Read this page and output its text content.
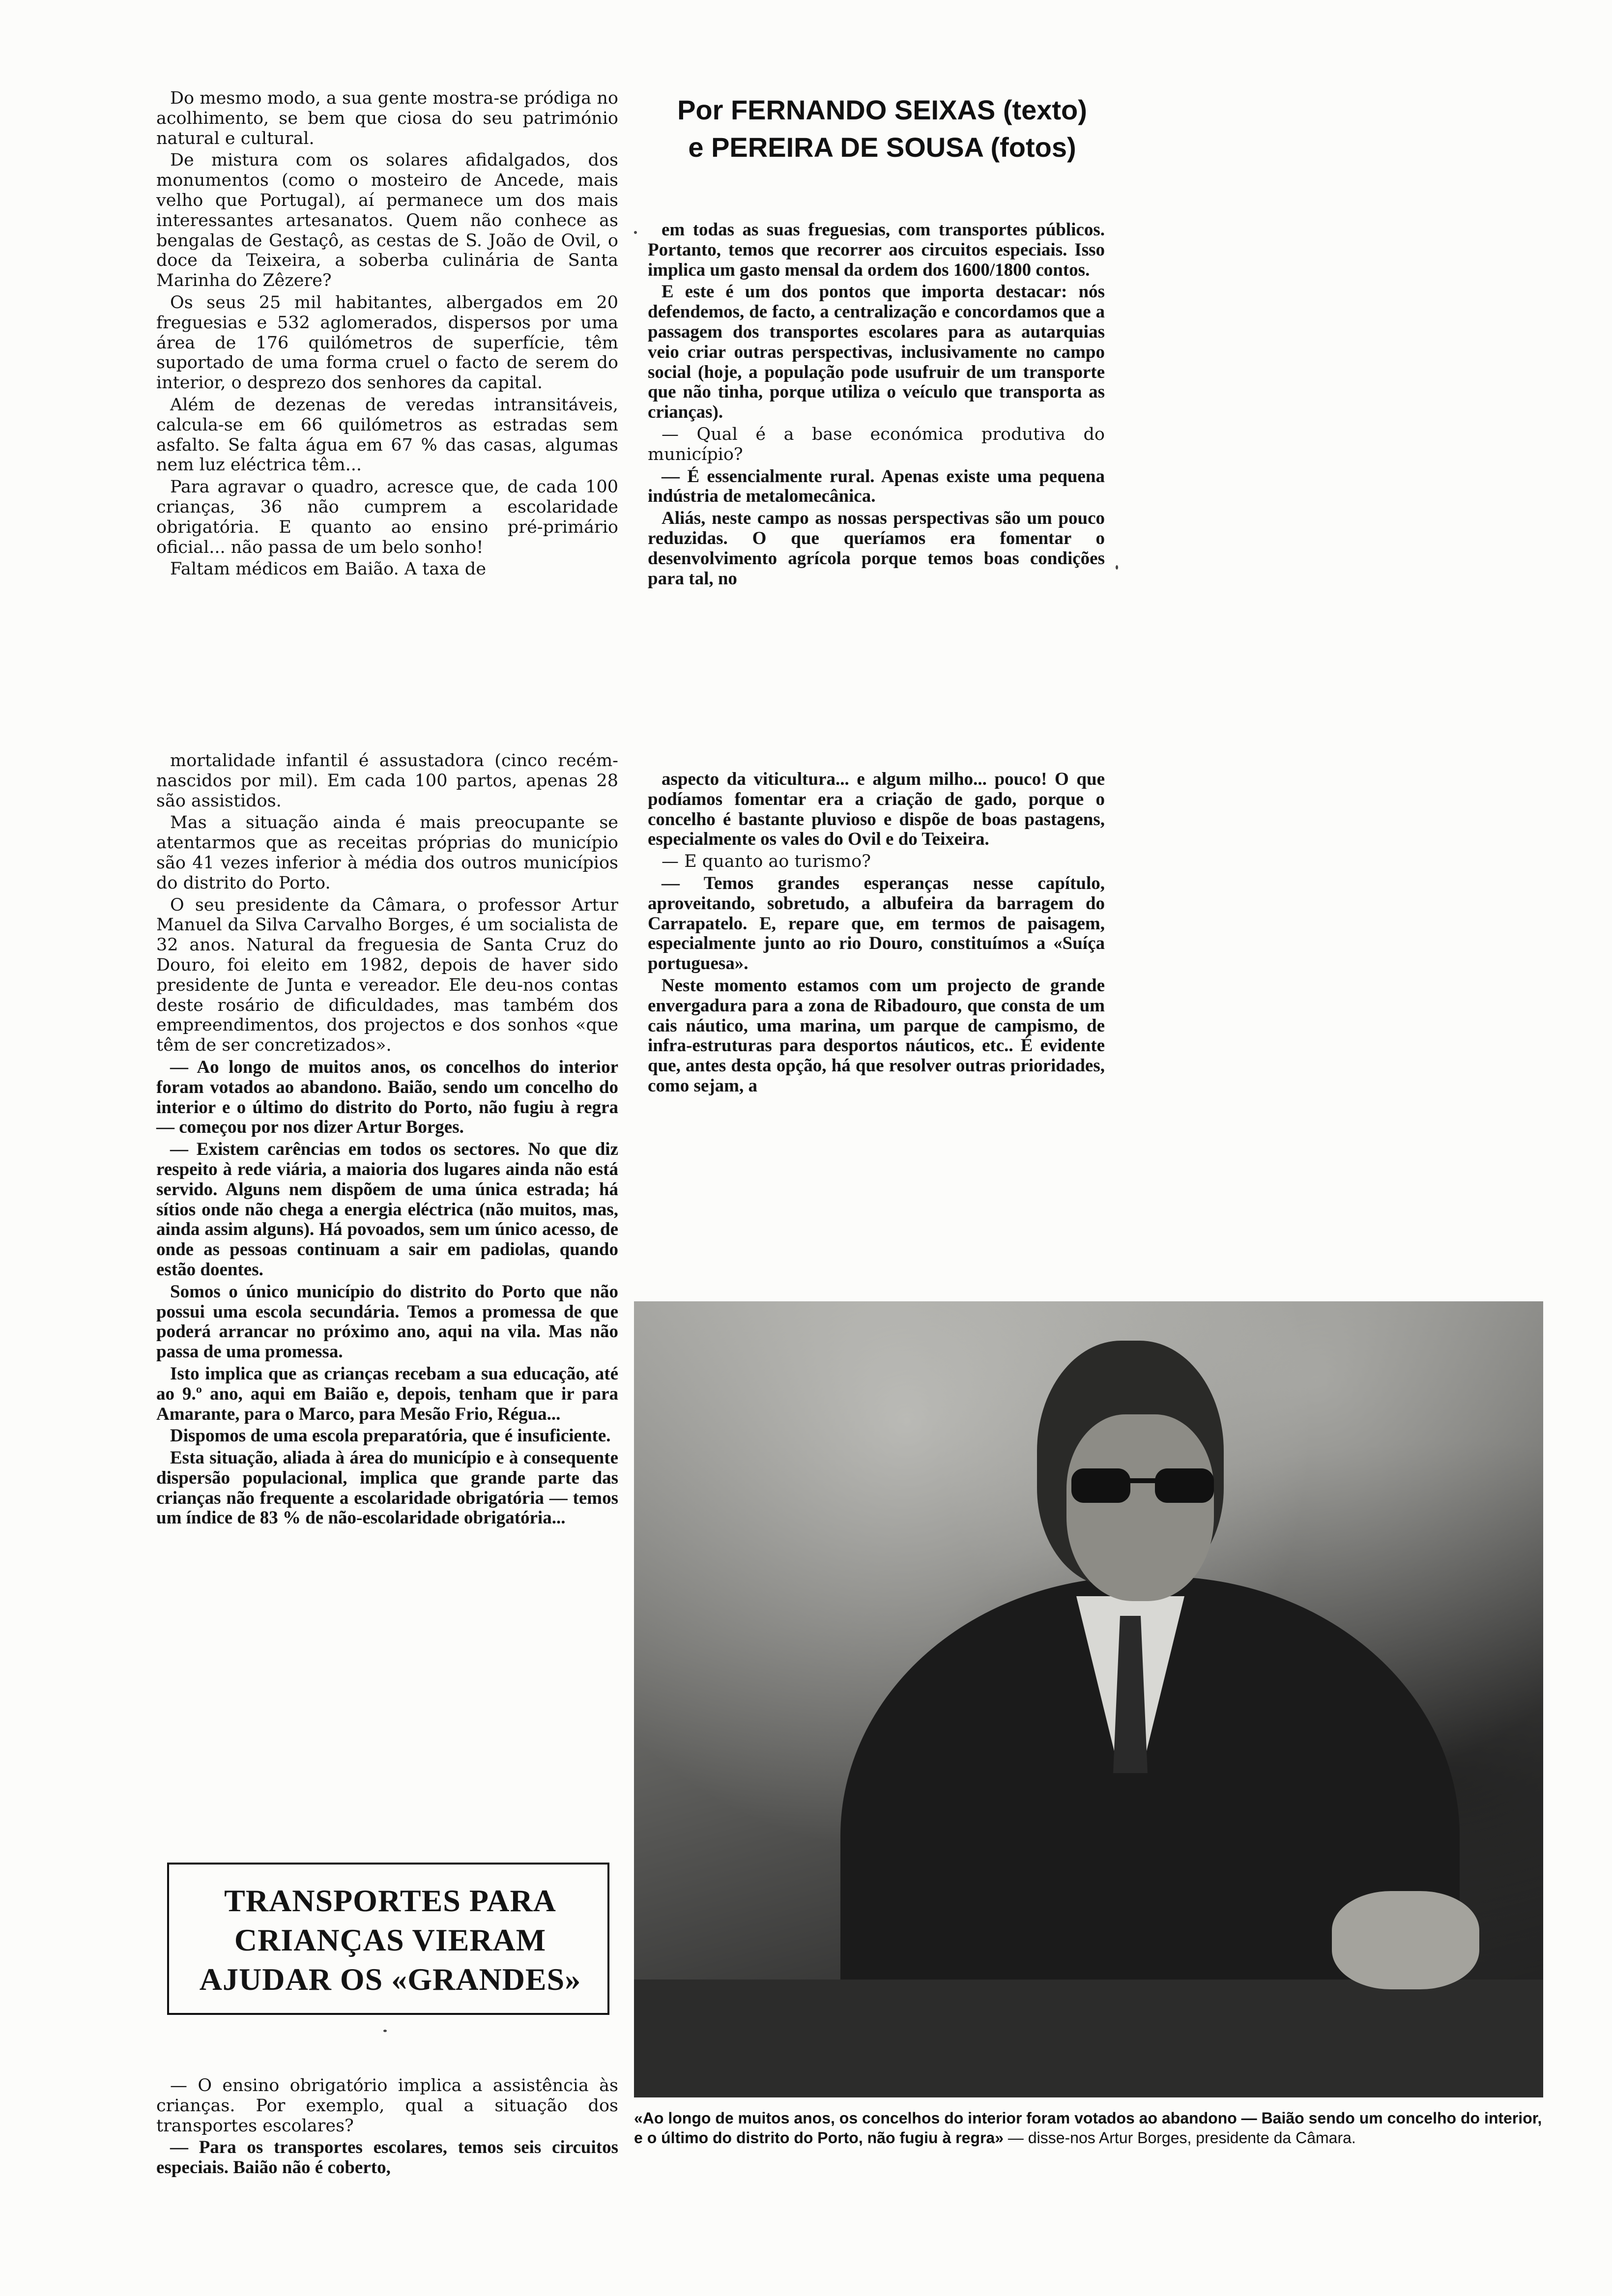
Por FERNANDO SEIXAS (texto)
e PEREIRA DE SOUSA (fotos)

Do mesmo modo, a sua gente mostra-se pródiga no acolhimento, se bem que ciosa do seu património natural e cultural.

De mistura com os solares afidalgados, dos monumentos (como o mosteiro de Ancede, mais velho que Portugal), aí permanece um dos mais interessantes artesanatos. Quem não conhece as bengalas de Gestaçô, as cestas de S. João de Ovil, o doce da Teixeira, a soberba culinária de Santa Marinha do Zêzere?

Os seus 25 mil habitantes, albergados em 20 freguesias e 532 aglomerados, dispersos por uma área de 176 quilómetros de superfície, têm suportado de uma forma cruel o facto de serem do interior, o desprezo dos senhores da capital.

Além de dezenas de veredas intransitáveis, calcula-se em 66 quilómetros as estradas sem asfalto. Se falta água em 67 % das casas, algumas nem luz eléctrica têm...

Para agravar o quadro, acresce que, de cada 100 crianças, 36 não cumprem a escolaridade obrigatória. E quanto ao ensino pré-primário oficial... não passa de um belo sonho!

Faltam médicos em Baião. A taxa de

mortalidade infantil é assustadora (cinco recém-nascidos por mil). Em cada 100 partos, apenas 28 são assistidos.

Mas a situação ainda é mais preocupante se atentarmos que as receitas próprias do município são 41 vezes inferior à média dos outros municípios do distrito do Porto.

O seu presidente da Câmara, o professor Artur Manuel da Silva Carvalho Borges, é um socialista de 32 anos. Natural da freguesia de Santa Cruz do Douro, foi eleito em 1982, depois de haver sido presidente de Junta e vereador. Ele deu-nos contas deste rosário de dificuldades, mas também dos empreendimentos, dos projectos e dos sonhos «que têm de ser concretizados».

— Ao longo de muitos anos, os concelhos do interior foram votados ao abandono. Baião, sendo um concelho do interior e o último do distrito do Porto, não fugiu à regra — começou por nos dizer Artur Borges.

— Existem carências em todos os sectores. No que diz respeito à rede viária, a maioria dos lugares ainda não está servido. Alguns nem dispõem de uma única estrada; há sítios onde não chega a energia eléctrica (não muitos, mas, ainda assim alguns). Há povoados, sem um único acesso, de onde as pessoas continuam a sair em padiolas, quando estão doentes.

Somos o único município do distrito do Porto que não possui uma escola secundária. Temos a promessa de que poderá arrancar no próximo ano, aqui na vila. Mas não passa de uma promessa.

Isto implica que as crianças recebam a sua educação, até ao 9.º ano, aqui em Baião e, depois, tenham que ir para Amarante, para o Marco, para Mesão Frio, Régua...

Dispomos de uma escola preparatória, que é insuficiente.

Esta situação, aliada à área do município e à consequente dispersão populacional, implica que grande parte das crianças não frequente a escolaridade obrigatória — temos um índice de 83 % de não-escolaridade obrigatória...

TRANSPORTES PARA
CRIANÇAS VIERAM
AJUDAR OS «GRANDES»

— O ensino obrigatório implica a assistência às crianças. Por exemplo, qual a situação dos transportes escolares?

— Para os transportes escolares, temos seis circuitos especiais. Baião não é coberto,

em todas as suas freguesias, com transportes públicos. Portanto, temos que recorrer aos circuitos especiais. Isso implica um gasto mensal da ordem dos 1600/1800 contos.

E este é um dos pontos que importa destacar: nós defendemos, de facto, a centralização e concordamos que a passagem dos transportes escolares para as autarquias veio criar outras perspectivas, inclusivamente no campo social (hoje, a população pode usufruir de um transporte que não tinha, porque utiliza o veículo que transporta as crianças).

— Qual é a base económica produtiva do município?

— É essencialmente rural. Apenas existe uma pequena indústria de metalomecânica.

Aliás, neste campo as nossas perspectivas são um pouco reduzidas. O que queríamos era fomentar o desenvolvimento agrícola porque temos boas condições para tal, no

aspecto da viticultura... e algum milho... pouco! O que podíamos fomentar era a criação de gado, porque o concelho é bastante pluvioso e dispõe de boas pastagens, especialmente os vales do Ovil e do Teixeira.

— E quanto ao turismo?

— Temos grandes esperanças nesse capítulo, aproveitando, sobretudo, a albufeira da barragem do Carrapatelo. E, repare que, em termos de paisagem, especialmente junto ao rio Douro, constituímos a «Suíça portuguesa».

Neste momento estamos com um projecto de grande envergadura para a zona de Ribadouro, que consta de um cais náutico, uma marina, um parque de campismo, de infra-estruturas para desportos náuticos, etc.. É evidente que, antes desta opção, há que resolver outras prioridades, como sejam, a

«Ao longo de muitos anos, os concelhos do interior foram votados ao abandono — Baião sendo um concelho do interior, e o último do distrito do Porto, não fugiu à regra» — disse-nos Artur Borges, presidente da Câmara.
